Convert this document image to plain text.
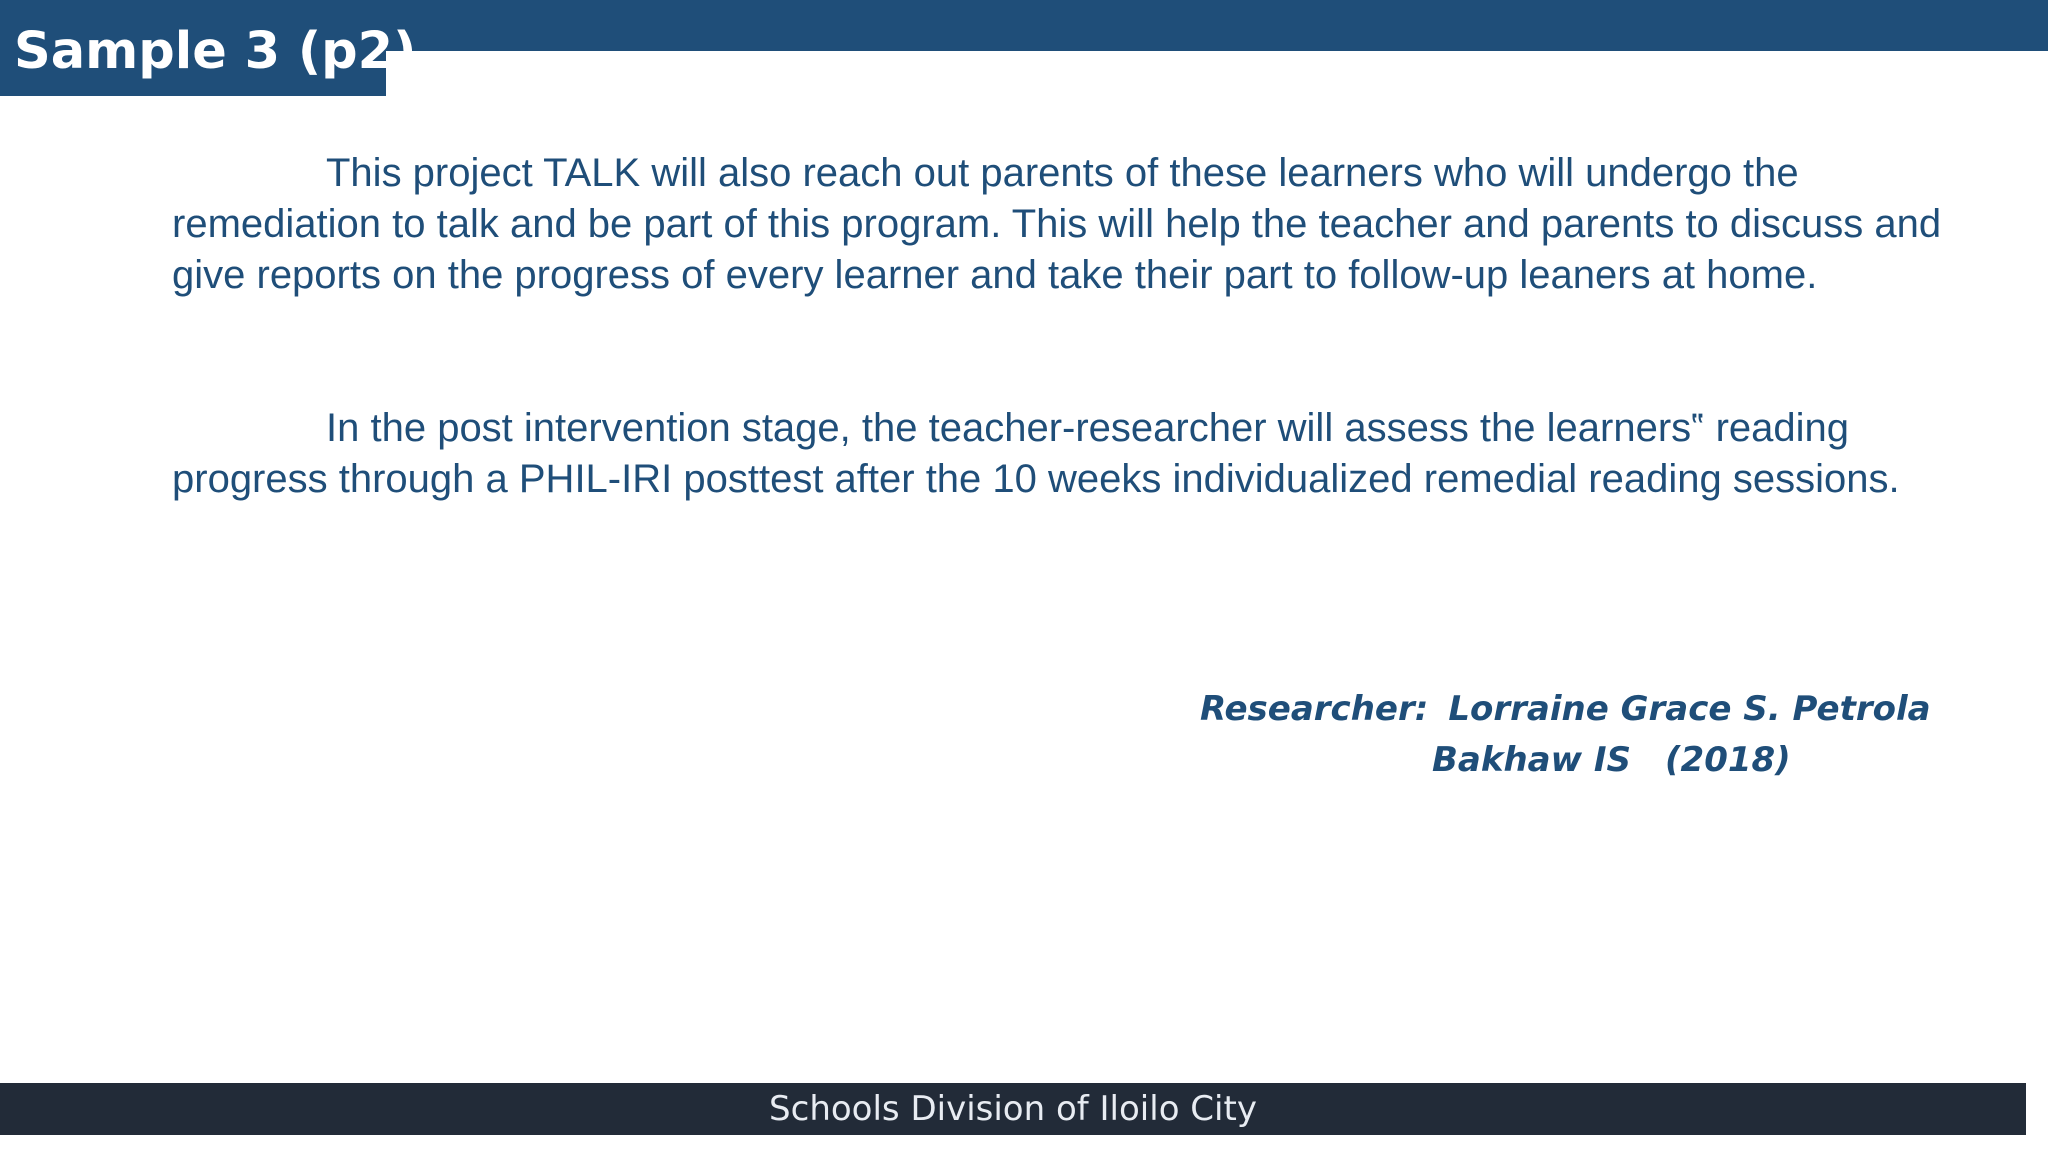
Sample 3 (p2)

This project TALK will also reach out parents of these learners who will undergo the remediation to talk and be part of this program. This will help the teacher and parents to discuss and give reports on the progress of every learner and take their part to follow-up leaners at home.

In the post intervention stage, the teacher-researcher will assess the learners‟ reading progress through a PHIL-IRI posttest after the 10 weeks individualized remedial reading sessions.

Researcher: Lorraine Grace S. Petrola
Bakhaw IS (2018)
Schools Division of Iloilo City
